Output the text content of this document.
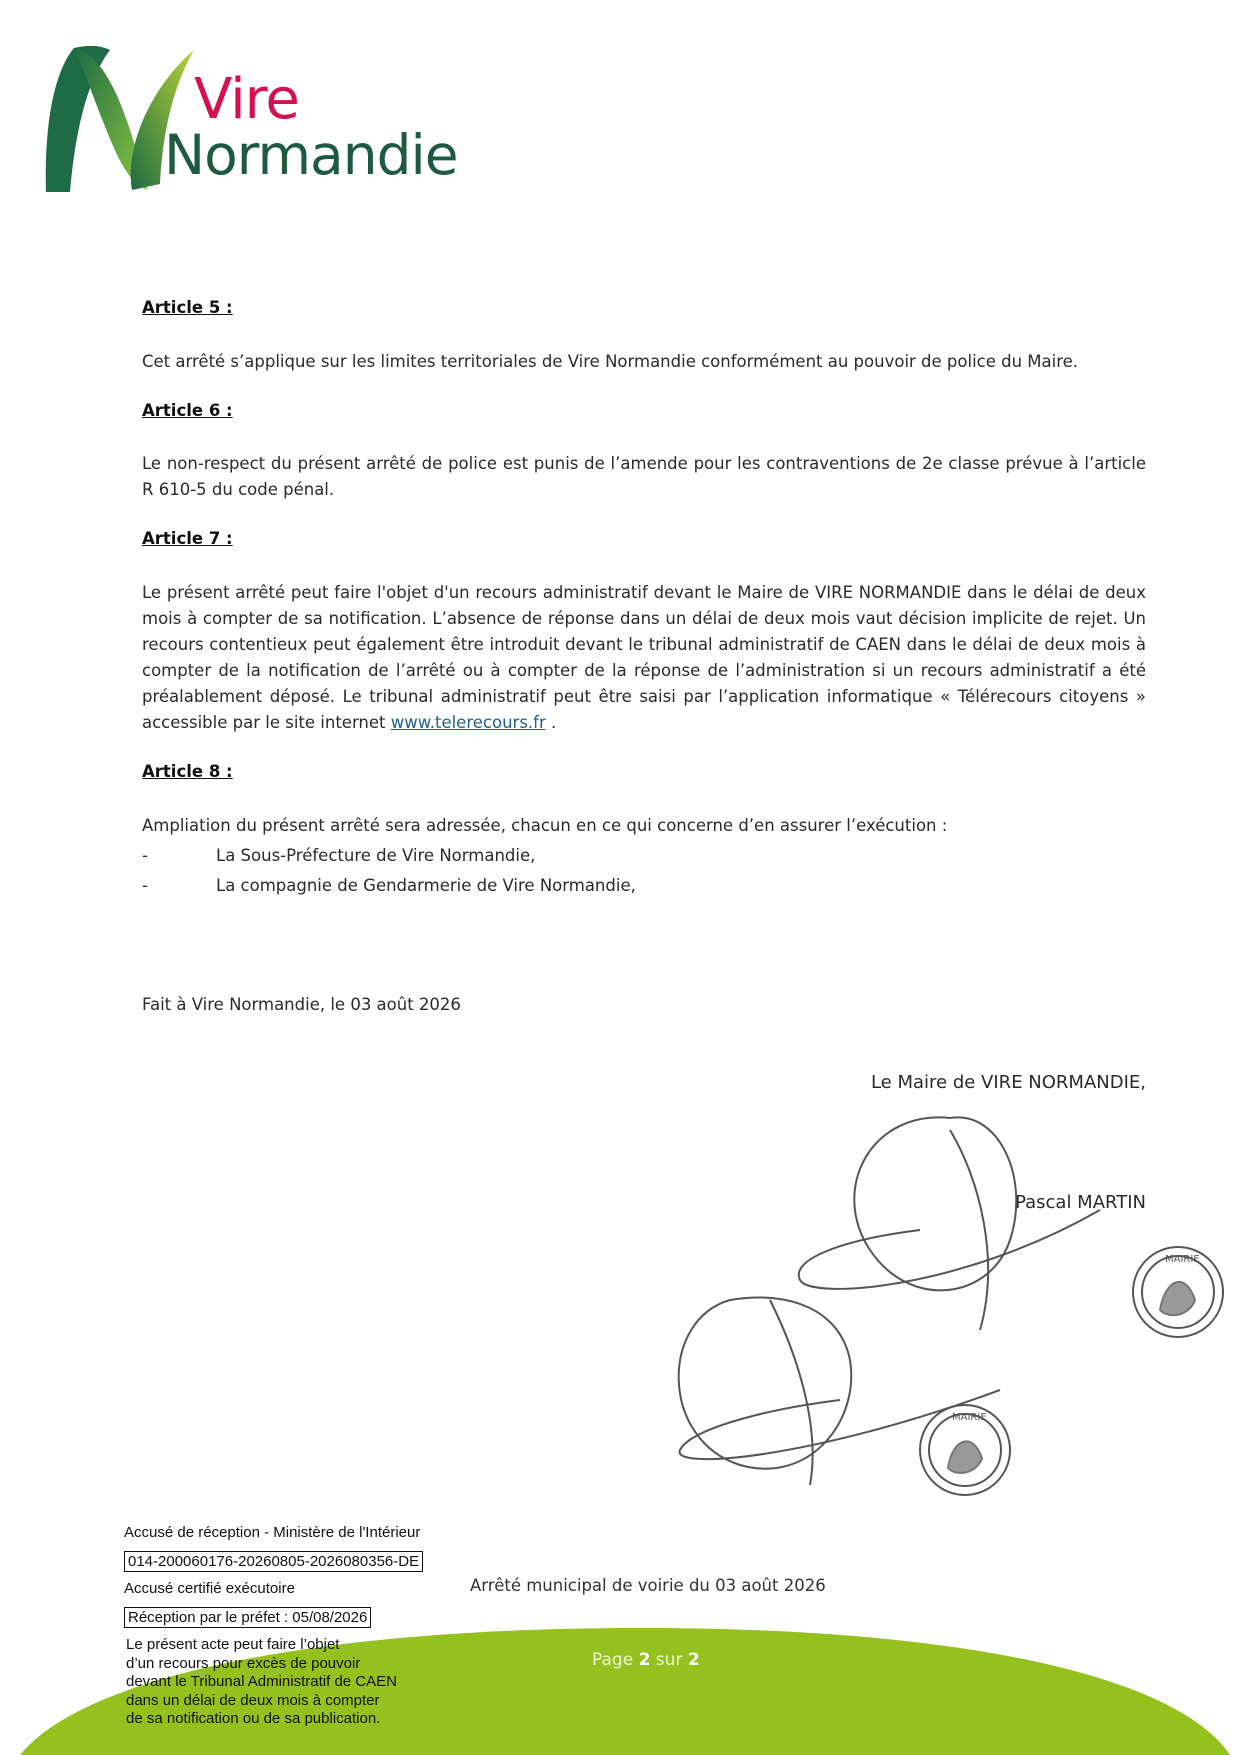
Vire
Normandie
Article 5 :
Cet arrêté s’applique sur les limites territoriales de Vire Normandie conformément au pouvoir de police du Maire.
Article 6 :
Le non-respect du présent arrêté de police est punis de l’amende pour les contraventions de 2e classe prévue à l’article R 610-5 du code pénal.
Article 7 :
Le présent arrêté peut faire l'objet d'un recours administratif devant le Maire de VIRE NORMANDIE dans le délai de deux mois à compter de sa notification. L’absence de réponse dans un délai de deux mois vaut décision implicite de rejet. Un recours contentieux peut également être introduit devant le tribunal administratif de CAEN dans le délai de deux mois à compter de la notification de l’arrêté ou à compter de la réponse de l’administration si un recours administratif a été préalablement déposé. Le tribunal administratif peut être saisi par l’application informatique « Télérecours citoyens » accessible par le site internet www.telerecours.fr .
Article 8 :
Ampliation du présent arrêté sera adressée, chacun en ce qui concerne d’en assurer l’exécution :
-	La Sous-Préfecture de Vire Normandie,
-	La compagnie de Gendarmerie de Vire Normandie,
Fait à Vire Normandie, le 03 août 2026
Le Maire de VIRE NORMANDIE,
MAIRIE
MAIRIE
Pascal MARTIN
Arrêté municipal de voirie du 03 août 2026
Page 2 sur 2
Accusé de réception - Ministère de l'Intérieur
014-200060176-20260805-2026080356-DE
Accusé certifié exécutoire
Réception par le préfet : 05/08/2026
Le présent acte peut faire l’objet
d’un recours pour excès de pouvoir
devant le Tribunal Administratif de CAEN
dans un délai de deux mois à compter
de sa notification ou de sa publication.
